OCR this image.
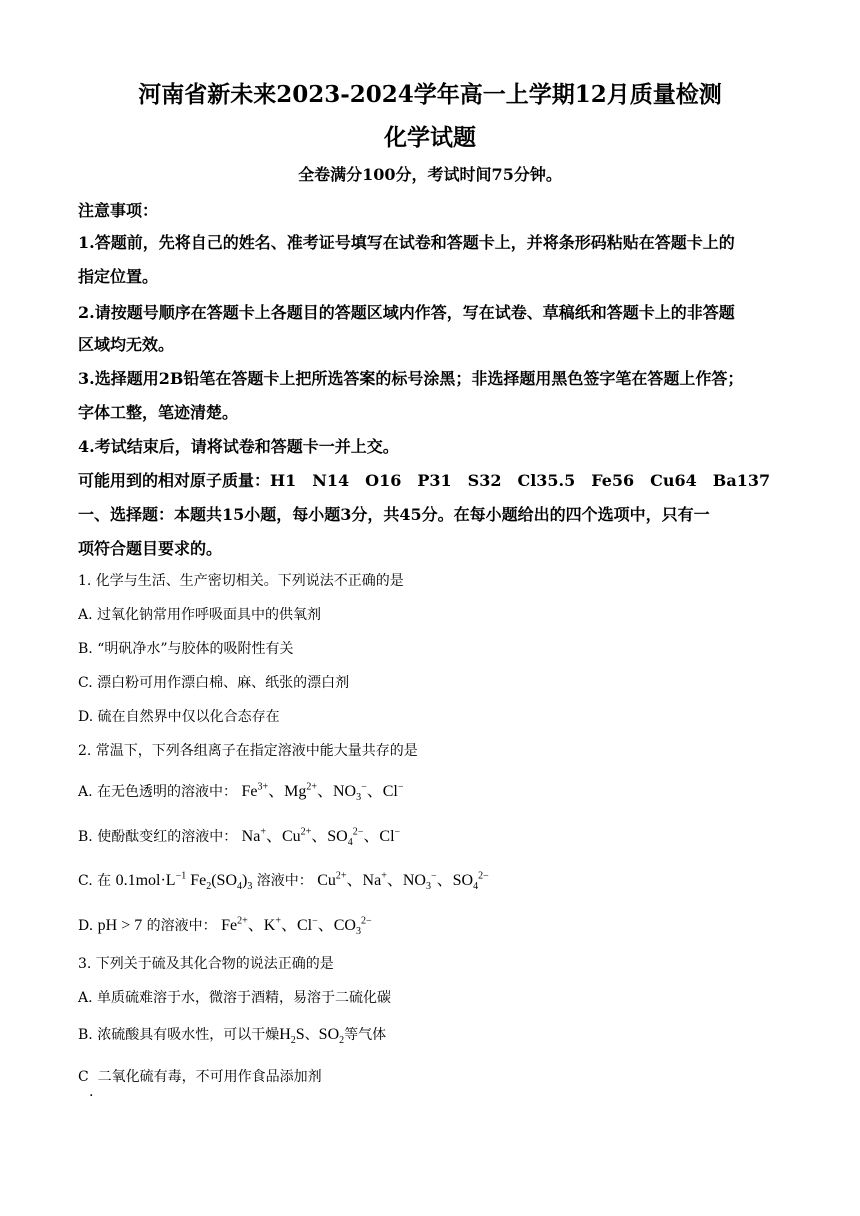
河南省新未来2023-2024学年高一上学期12月质量检测
化学试题
全卷满分100分，考试时间75分钟。
注意事项：
1.答题前，先将自己的姓名、准考证号填写在试卷和答题卡上，并将条形码粘贴在答题卡上的
指定位置。
2.请按题号顺序在答题卡上各题目的答题区域内作答，写在试卷、草稿纸和答题卡上的非答题
区域均无效。
3.选择题用2B铅笔在答题卡上把所选答案的标号涂黑；非选择题用黑色签字笔在答题上作答；
字体工整，笔迹清楚。
4.考试结束后，请将试卷和答题卡一并上交。
可能用到的相对原子质量：H1　N14　O16　P31　S32　Cl35.5　Fe56　Cu64　Ba137
一、选择题：本题共15小题，每小题3分，共45分。在每小题给出的四个选项中，只有一
项符合题目要求的。
1. 化学与生活、生产密切相关。下列说法不正确的是
A. 过氧化钠常用作呼吸面具中的供氧剂
B. “明矾净水”与胶体的吸附性有关
C. 漂白粉可用作漂白棉、麻、纸张的漂白剂
D. 硫在自然界中仅以化合态存在
2. 常温下，下列各组离子在指定溶液中能大量共存的是
A. 在无色透明的溶液中： $Fe^{3+}$、$Mg^{2+}$、$NO_3^-$、Cl−
B. 使酚酞变红的溶液中： Na+、$Cu^{2+}$、$SO_4^{2-}$、Cl−
C. 在 $0.1mol\cdot L^{-1}$ $Fe_2(SO_4)_3$ 溶液中： $Cu^{2+}$、Na+、$NO_3^-$、$SO_4^{2-}$
D. pH > 7 的溶液中： $Fe^{2+}$、K+、Cl−、$CO_3^{2-}$
3. 下列关于硫及其化合物的说法正确的是
A. 单质硫难溶于水，微溶于酒精，易溶于二硫化碳
B. 浓硫酸具有吸水性，可以干燥$H_2S$、$SO_2$等气体
C 二氧化硫有毒，不可用作食品添加剂
.
